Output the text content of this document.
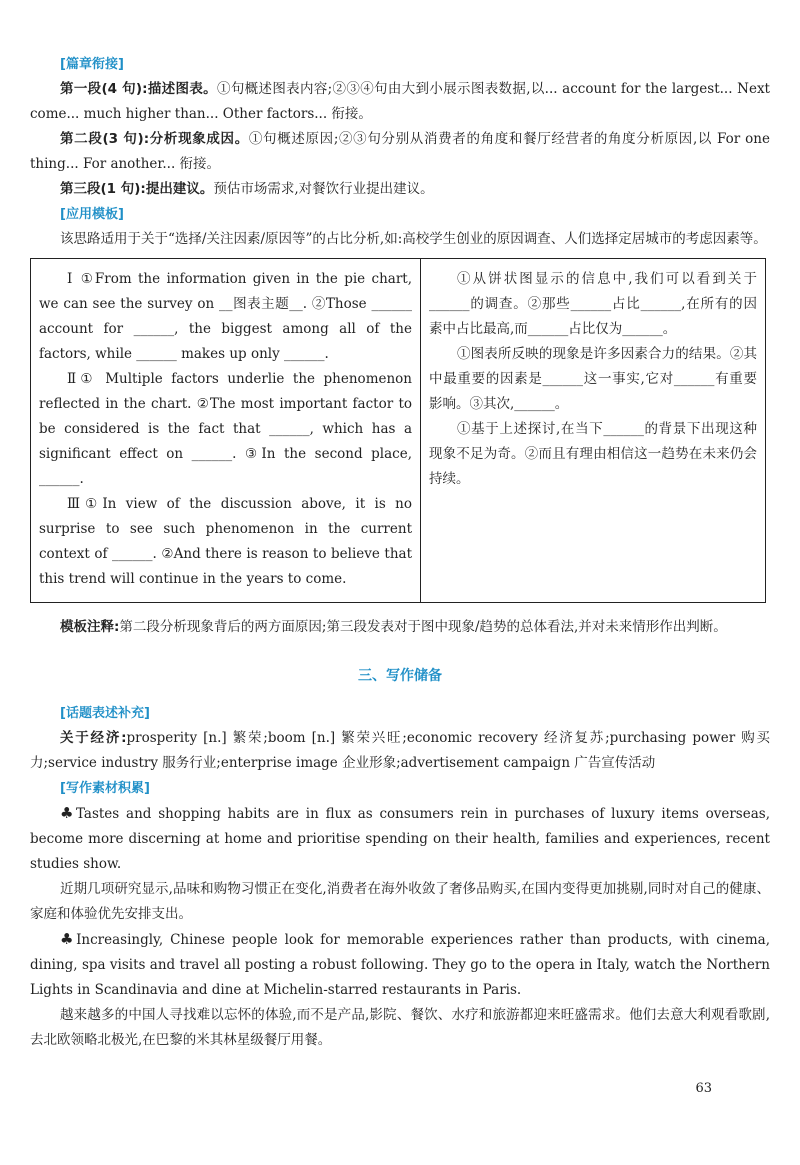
[篇章衔接]

第一段(4 句):描述图表。①句概述图表内容;②③④句由大到小展示图表数据,以... account for the largest... Next come... much higher than... Other factors... 衔接。

第二段(3 句):分析现象成因。①句概述原因;②③句分别从消费者的角度和餐厅经营者的角度分析原因,以 For one thing... For another... 衔接。

第三段(1 句):提出建议。预估市场需求,对餐饮行业提出建议。

[应用模板]

该思路适用于关于“选择/关注因素/原因等”的占比分析,如:高校学生创业的原因调查、人们选择定居城市的考虑因素等。

Ⅰ ①From the information given in the pie chart, we can see the survey on __图表主题__. ②Those ______ account for ______, the biggest among all of the factors, while ______ makes up only ______.

Ⅱ① Multiple factors underlie the phenomenon reflected in the chart. ②The most important factor to be considered is the fact that ______, which has a significant effect on ______. ③In the second place, ______.

Ⅲ①In view of the discussion above, it is no surprise to see such phenomenon in the current context of ______. ②And there is reason to believe that this trend will continue in the years to come.

①从饼状图显示的信息中,我们可以看到关于______的调查。②那些______占比______,在所有的因素中占比最高,而______占比仅为______。

①图表所反映的现象是许多因素合力的结果。②其中最重要的因素是______这一事实,它对______有重要影响。③其次,______。

①基于上述探讨,在当下______的背景下出现这种现象不足为奇。②而且有理由相信这一趋势在未来仍会持续。

模板注释:第二段分析现象背后的两方面原因;第三段发表对于图中现象/趋势的总体看法,并对未来情形作出判断。

三、写作储备
[话题表述补充]

关于经济:prosperity [n.] 繁荣;boom [n.] 繁荣兴旺;economic recovery 经济复苏;purchasing power 购买力;service industry 服务行业;enterprise image 企业形象;advertisement campaign 广告宣传活动

[写作素材积累]

♣Tastes and shopping habits are in flux as consumers rein in purchases of luxury items overseas, become more discerning at home and prioritise spending on their health, families and experiences, recent studies show.

近期几项研究显示,品味和购物习惯正在变化,消费者在海外收敛了奢侈品购买,在国内变得更加挑剔,同时对自己的健康、家庭和体验优先安排支出。

♣Increasingly, Chinese people look for memorable experiences rather than products, with cinema, dining, spa visits and travel all posting a robust following. They go to the opera in Italy, watch the Northern Lights in Scandinavia and dine at Michelin-starred restaurants in Paris.

越来越多的中国人寻找难以忘怀的体验,而不是产品,影院、餐饮、水疗和旅游都迎来旺盛需求。他们去意大利观看歌剧,去北欧领略北极光,在巴黎的米其林星级餐厅用餐。

63
